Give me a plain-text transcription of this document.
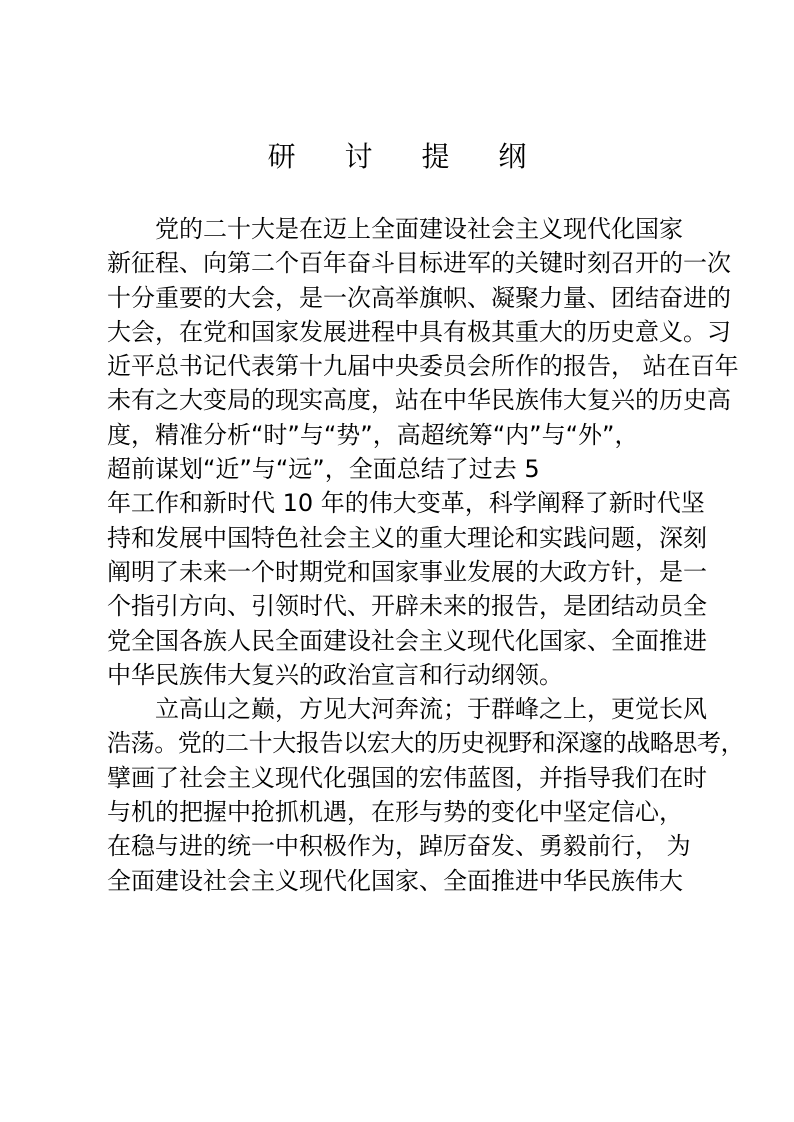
研 讨 提 纲
党的二十大是在迈上全面建设社会主义现代化国家
新征程、向第二个百年奋斗目标进军的关键时刻召开的一次
十分重要的大会，是一次高举旗帜、凝聚力量、团结奋进的
大会，在党和国家发展进程中具有极其重大的历史意义。习
近平总书记代表第十九届中央委员会所作的报告， 站在百年
未有之大变局的现实高度，站在中华民族伟大复兴的历史高
度，精准分析“时”与“势”，高超统筹“内”与“外”，
超前谋划“近”与“远”，全面总结了过去 5
年工作和新时代 10 年的伟大变革，科学阐释了新时代坚
持和发展中国特色社会主义的重大理论和实践问题，深刻
阐明了未来一个时期党和国家事业发展的大政方针，是一
个指引方向、引领时代、开辟未来的报告，是团结动员全
党全国各族人民全面建设社会主义现代化国家、全面推进
中华民族伟大复兴的政治宣言和行动纲领。
立高山之巅，方见大河奔流；于群峰之上，更觉长风
浩荡。党的二十大报告以宏大的历史视野和深邃的战略思考，
擘画了社会主义现代化强国的宏伟蓝图，并指导我们在时
与机的把握中抢抓机遇，在形与势的变化中坚定信心，
在稳与进的统一中积极作为，踔厉奋发、勇毅前行， 为
全面建设社会主义现代化国家、全面推进中华民族伟大
